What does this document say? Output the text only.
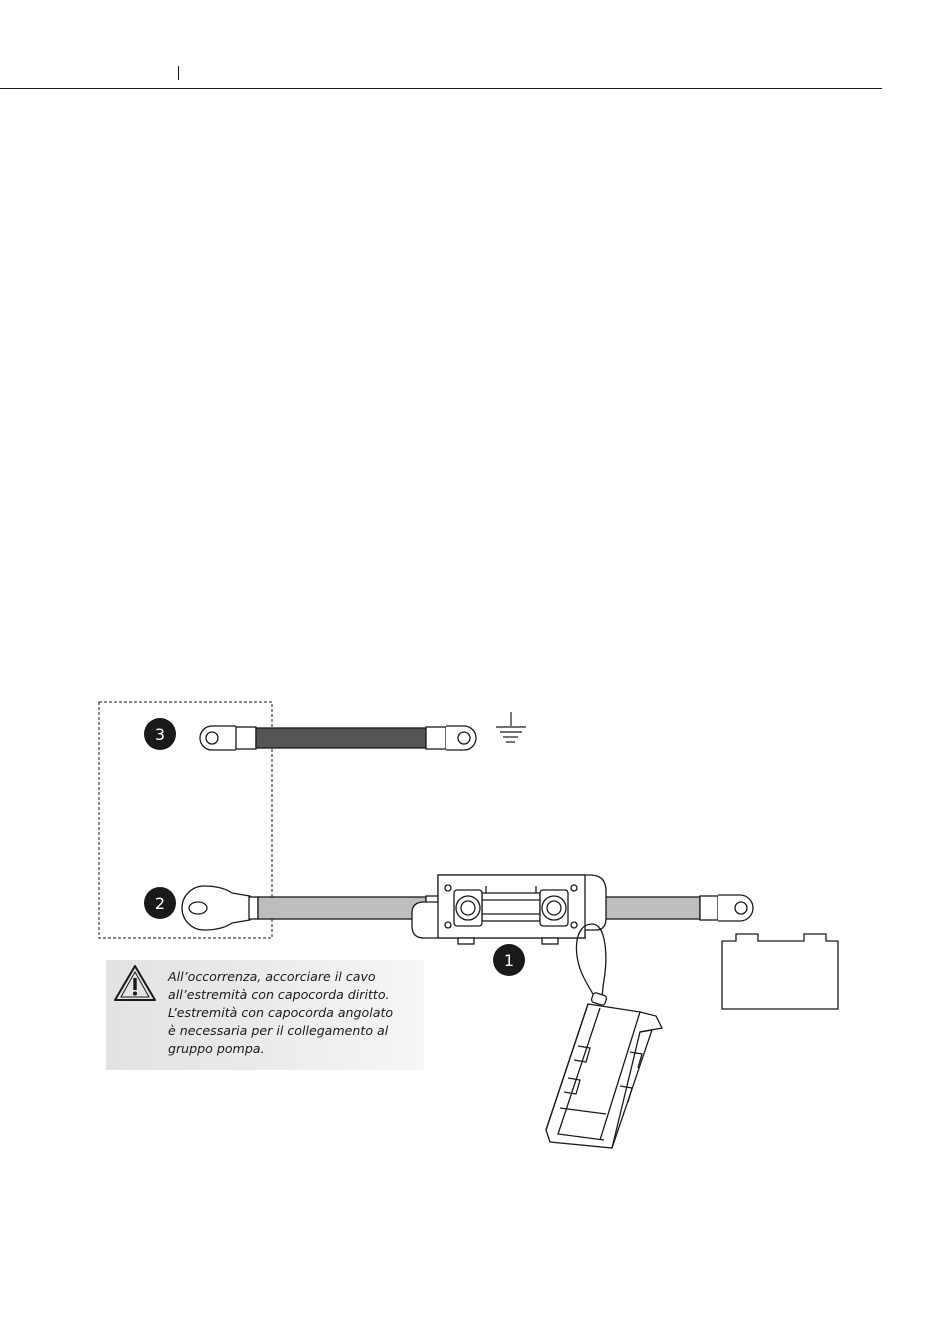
3
2
1
All’occorrenza, accorciare il cavo
all’estremità con capocorda diritto.
L’estremità con capocorda angolato
è necessaria per il collegamento al
gruppo pompa.
